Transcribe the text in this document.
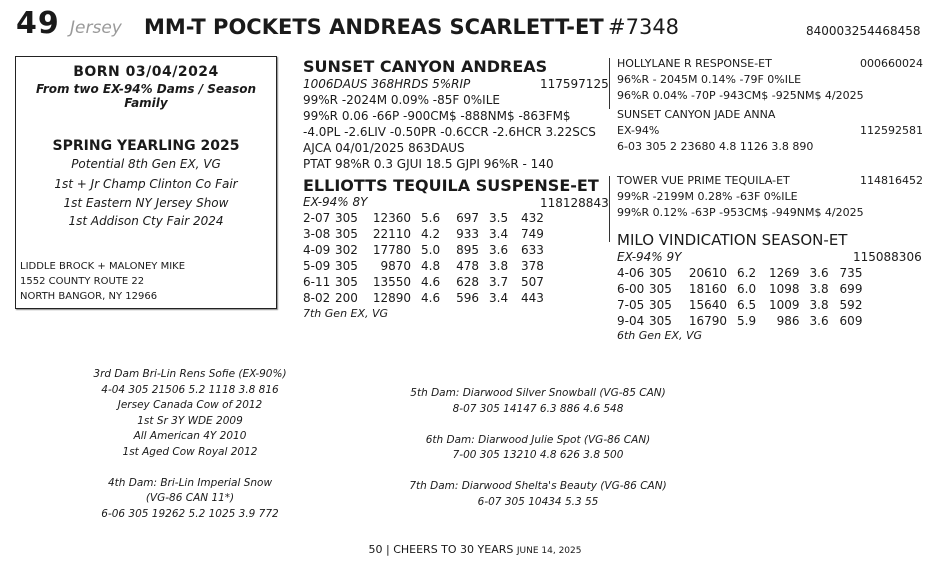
49 Jersey MM-T POCKETS ANDREAS SCARLETT-ET #7348	840003254468458
BORN 03/04/2024
From two EX-94% Dams / Season Family
SPRING YEARLING 2025
Potential 8th Gen EX, VG
1st + Jr Champ Clinton Co Fair
1st Eastern NY Jersey Show
1st Addison Cty Fair 2024
LIDDLE BROCK + MALONEY MIKE
1552 COUNTY ROUTE 22
NORTH BANGOR, NY 12966
SUNSET CANYON ANDREAS
1006DAUS 368HRDS 5%RIP	117597125
99%R -2024M 0.09% -85F 0%ILE
99%R 0.06 -66P -900CM$ -888NM$ -863FM$
-4.0PL -2.6LIV -0.50PR -0.6CCR -2.6HCR 3.22SCS
AJCA 04/01/2025 863DAUS
PTAT 98%R 0.3 GJUI 18.5 GJPI 96%R - 140
ELLIOTTS TEQUILA SUSPENSE-ET
EX-94% 8Y	118128843
2-07	305	12360	5.6	697	3.5	432
3-08	305	22110	4.2	933	3.4	749
4-09	302	17780	5.0	895	3.6	633
5-09	305	9870	4.8	478	3.8	378
6-11	305	13550	4.6	628	3.7	507
8-02	200	12890	4.6	596	3.4	443
7th Gen EX, VG
HOLLYLANE R RESPONSE-ET	000660024
96%R - 2045M 0.14% -79F 0%ILE
96%R 0.04% -70P -943CM$ -925NM$ 4/2025
SUNSET CANYON JADE ANNA
EX-94%	112592581
6-03 305 2 23680 4.8 1126 3.8 890
TOWER VUE PRIME TEQUILA-ET	114816452
99%R -2199M 0.28% -63F 0%ILE
99%R 0.12% -63P -953CM$ -949NM$ 4/2025
MILO VINDICATION SEASON-ET
EX-94% 9Y	115088306
4-06	305	20610	6.2	1269	3.6	735
6-00	305	18160	6.0	1098	3.8	699
7-05	305	15640	6.5	1009	3.8	592
9-04	305	16790	5.9	986	3.6	609
6th Gen EX, VG
3rd Dam Bri-Lin Rens Sofie (EX-90%)
4-04 305 21506 5.2 1118 3.8 816
Jersey Canada Cow of 2012
1st Sr 3Y WDE 2009
All American 4Y 2010
1st Aged Cow Royal 2012

4th Dam: Bri-Lin Imperial Snow
(VG-86 CAN 11*)
6-06 305 19262 5.2 1025 3.9 772
5th Dam: Diarwood Silver Snowball (VG-85 CAN)
8-07 305 14147 6.3 886 4.6 548

6th Dam: Diarwood Julie Spot (VG-86 CAN)
7-00 305 13210 4.8 626 3.8 500

7th Dam: Diarwood Shelta's Beauty (VG-86 CAN)
6-07 305 10434 5.3 55
50 | CHEERS TO 30 YEARS JUNE 14, 2025
